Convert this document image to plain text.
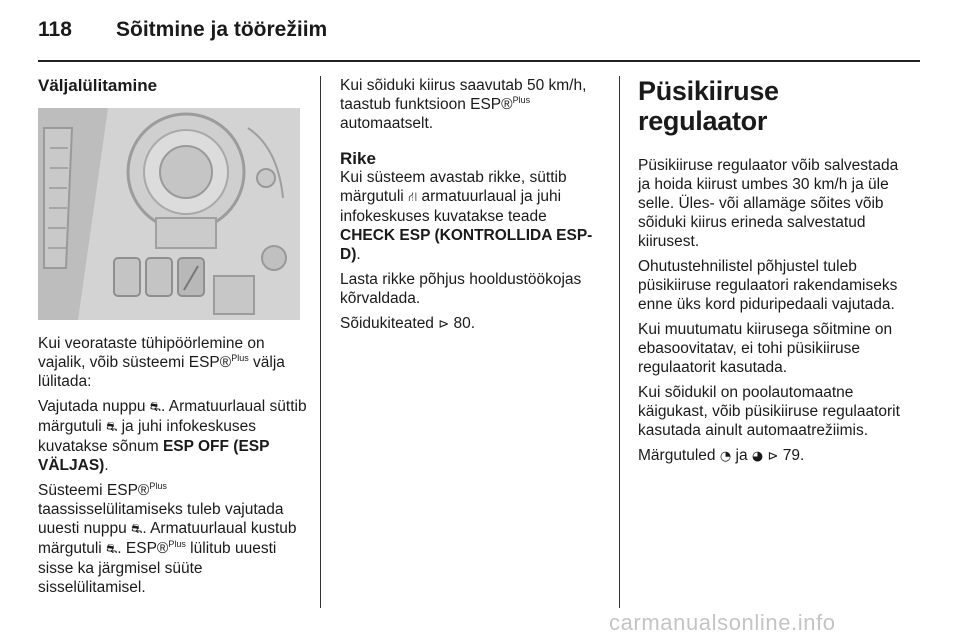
118 Sõitmine ja töörežiim
Väljalülitamine

Kui veorataste tühipöörlemine on vajalik, võib süsteemi ESP®$^{Plus}$ välja lülitada:

Vajutada nuppu ⛐. Armatuurlaual süttib märgutuli ⛐ ja juhi infokeskuses kuvatakse sõnum ESP OFF (ESP VÄLJAS).

Süsteemi ESP®$^{Plus}$ taassisselülitamiseks tuleb vajutada uuesti nuppu ⛐. Armatuurlaual kustub märgutuli ⛐. ESP®$^{Plus}$ lülitub uuesti sisse ka järgmisel süüte sisselülitamisel.

Kui sõiduki kiirus saavutab 50 km/h, taastub funktsioon ESP®$^{Plus}$ automaatselt.

Rike

Kui süsteem avastab rikke, süttib märgutuli ⛙ armatuurlaual ja juhi infokeskuses kuvatakse teade CHECK ESP (KONTROLLIDA ESP-D).

Lasta rikke põhjus hooldustöökojas kõrvaldada.

Sõidukiteated ⊳ 80.

Püsikiiruse regulaator

Püsikiiruse regulaator võib salvestada ja hoida kiirust umbes 30 km/h ja üle selle. Üles- või allamäge sõites võib sõiduki kiirus erineda salvestatud kiirusest.

Ohutustehnilistel põhjustel tuleb püsikiiruse regulaatori rakendamiseks enne üks kord piduripedaali vajutada.

Kui muutumatu kiirusega sõitmine on ebasoovitatav, ei tohi püsikiiruse regulaatorit kasutada.

Kui sõidukil on poolautomaatne käigukast, võib püsikiiruse regulaatorit kasutada ainult automaatrežiimis.

Märgutuled ◔ ja ◕ ⊳ 79.

carmanualsonline.info
